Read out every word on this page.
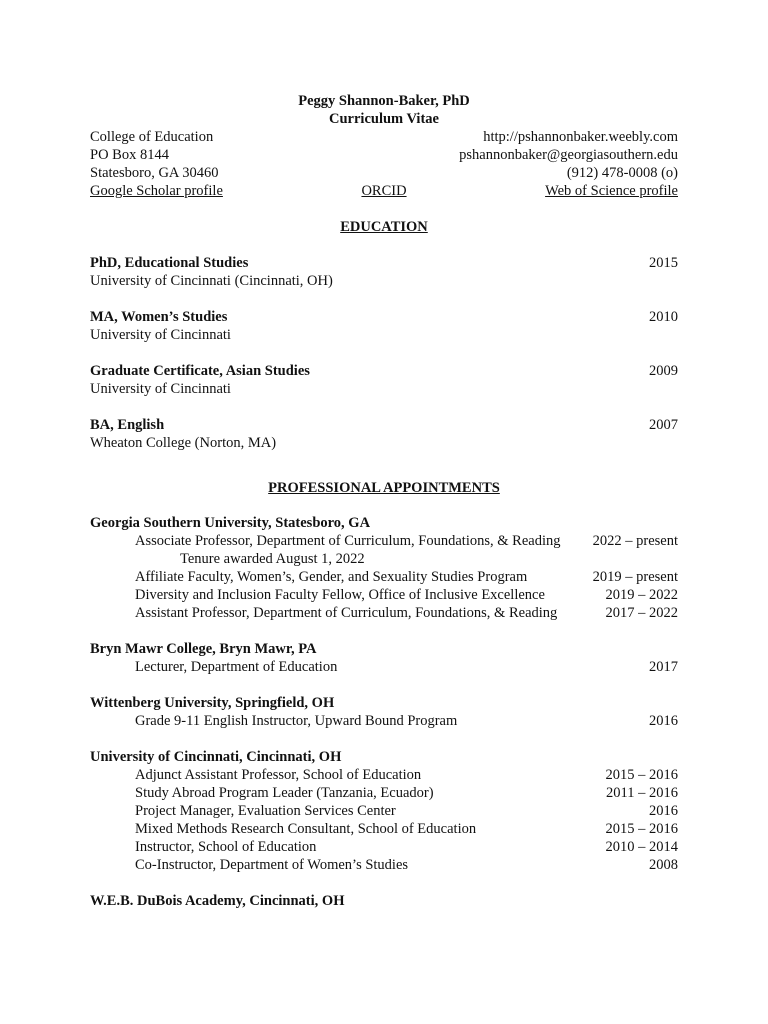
Peggy Shannon-Baker, PhD
Curriculum Vitae
College of Education	http://pshannonbaker.weebly.com
PO Box 8144	pshannonbaker@georgiasouthern.edu
Statesboro, GA 30460	(912) 478-0008 (o)
Google Scholar profile	ORCID	Web of Science profile
EDUCATION
PhD, Educational Studies	2015
University of Cincinnati (Cincinnati, OH)
MA, Women’s Studies	2010
University of Cincinnati
Graduate Certificate, Asian Studies	2009
University of Cincinnati
BA, English	2007
Wheaton College (Norton, MA)
PROFESSIONAL APPOINTMENTS
Georgia Southern University, Statesboro, GA
Associate Professor, Department of Curriculum, Foundations, & Reading 2022 – present
Tenure awarded August 1, 2022
Affiliate Faculty, Women’s, Gender, and Sexuality Studies Program	2019 – present
Diversity and Inclusion Faculty Fellow, Office of Inclusive Excellence	2019 – 2022
Assistant Professor, Department of Curriculum, Foundations, & Reading	2017 – 2022
Bryn Mawr College, Bryn Mawr, PA
Lecturer, Department of Education	2017
Wittenberg University, Springfield, OH
Grade 9-11 English Instructor, Upward Bound Program	2016
University of Cincinnati, Cincinnati, OH
Adjunct Assistant Professor, School of Education	2015 – 2016
Study Abroad Program Leader (Tanzania, Ecuador)	2011 – 2016
Project Manager, Evaluation Services Center	2016
Mixed Methods Research Consultant, School of Education	2015 – 2016
Instructor, School of Education	2010 – 2014
Co-Instructor, Department of Women’s Studies	2008
W.E.B. DuBois Academy, Cincinnati, OH
